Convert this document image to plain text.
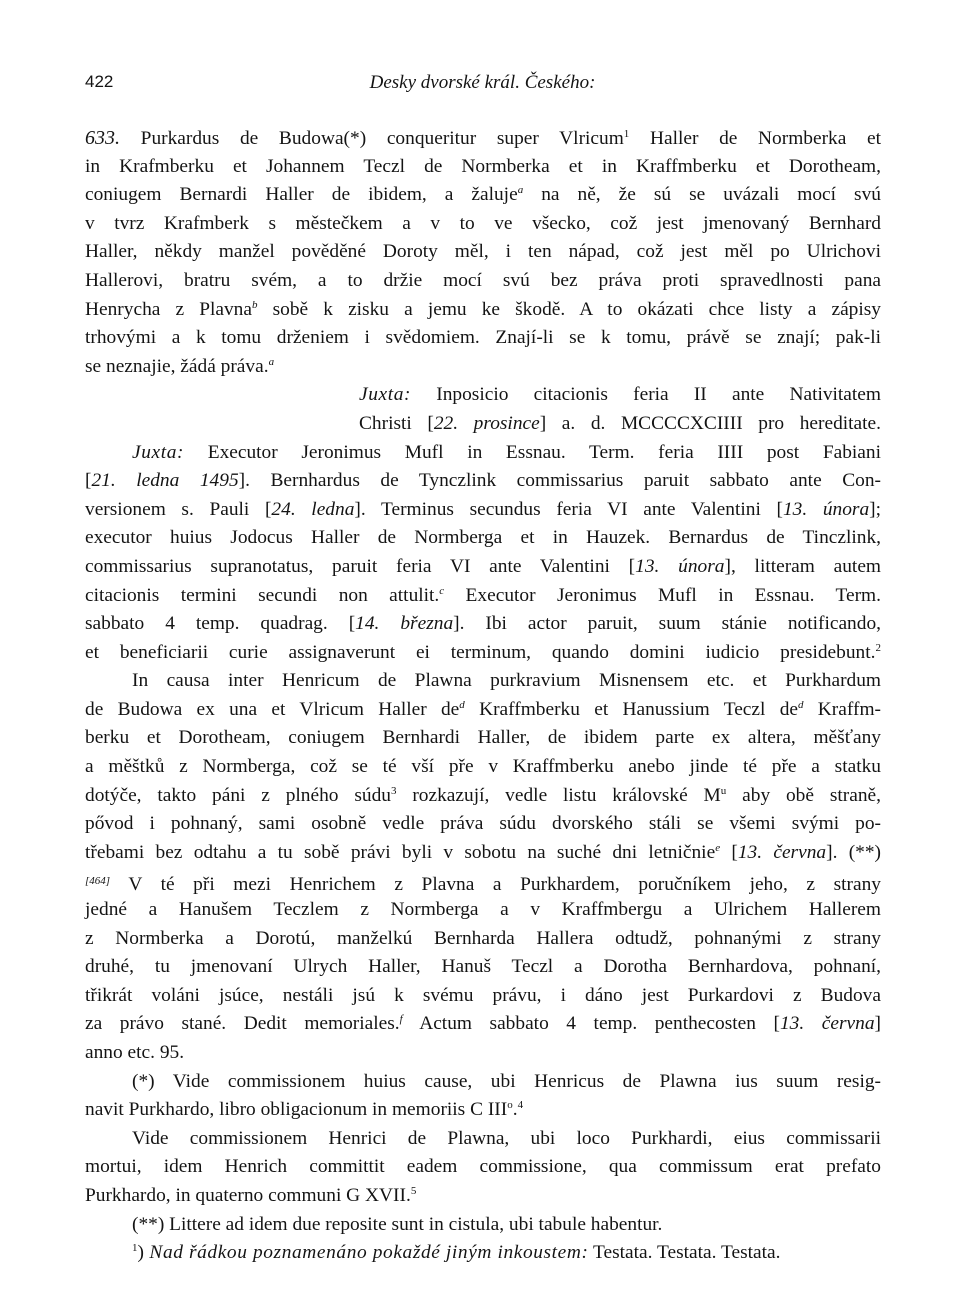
422	Desky dvorské král. Českého:
633. Purkardus de Budowa(*) conqueritur super Vlricum$^1$ Haller de Normberka et
in Krafmberku et Johannem Teczl de Normberka et in Kraffmberku et Dorotheam,
coniugem Bernardi Haller de ibidem, a žaluje$^a$ na ně, že sú se uvázali mocí svú
v tvrz Krafmberk s městečkem a v to ve všecko, což jest jmenovaný Bernhard
Haller, někdy manžel pověděné Doroty měl, i ten nápad, což jest měl po Ulrichovi
Hallerovi, bratru svém, a to držie mocí svú bez práva proti spravedlnosti pana
Henrycha z Plavna$^b$ sobě k zisku a jemu ke škodě. A to okázati chce listy a zápisy
trhovými a k tomu drženiem i svědomiem. Znají-li se k tomu, právě se znají; pak-li
se neznajie, žádá práva.$^a$
Juxta: Inposicio citacionis feria II ante Nativitatem
Christi [22. prosince] a. d. MCCCCXCIIII pro hereditate.
Juxta: Executor Jeronimus Mufl in Essnau. Term. feria IIII post Fabiani
[21. ledna 1495]. Bernhardus de Tynczlink commissarius paruit sabbato ante Con-
versionem s. Pauli [24. ledna]. Terminus secundus feria VI ante Valentini [13. února];
executor huius Jodocus Haller de Normberga et in Hauzek. Bernardus de Tinczlink,
commissarius supranotatus, paruit feria VI ante Valentini [13. února], litteram autem
citacionis termini secundi non attulit.$^c$ Executor Jeronimus Mufl in Essnau. Term.
sabbato 4 temp. quadrag. [14. března]. Ibi actor paruit, suum stánie notificando,
et beneficiarii curie assignaverunt ei terminum, quando domini iudicio presidebunt.$^2$
In causa inter Henricum de Plawna purkravium Misnensem etc. et Purkhardum
de Budowa ex una et Vlricum Haller $de^d$ Kraffmberku et Hanussium Teczl $de^d$ Kraffm-
berku et Dorotheam, coniugem Bernhardi Haller, de ibidem parte ex altera, měšťany
a měštků z Normberga, což se té vší pře v Kraffmberku anebo jinde té pře a statku
dotýče, takto páni z plného súdu$^3$ rozkazují, vedle listu královské $M^u$ aby obě straně,
pővod i pohnaný, sami osobně vedle práva súdu dvorského stáli se všemi svými po-
třebami bez odtahu a tu sobě právi byli v sobotu na suché dni letničnie$^e$ [13. června]. (**)
[464] V té při mezi Henrichem z Plavna a Purkhardem, poručníkem jeho, z strany
jedné a Hanušem Teczlem z Normberga a v Kraffmbergu a Ulrichem Hallerem
z Normberka a Dorotú, manželkú Bernharda Hallera odtudž, pohnanými z strany
druhé, tu jmenovaní Ulrych Haller, Hanuš Teczl a Dorotha Bernhardova, pohnaní,
třikrát voláni jsúce, nestáli jsú k svému právu, i dáno jest Purkardovi z Budova
za právo stané. Dedit memoriales.$^f$ Actum sabbato 4 temp. penthecosten [13. června]
anno etc. 95.
(*) Vide commissionem huius cause, ubi Henricus de Plawna ius suum resig-
navit Purkhardo, libro obligacionum in memoriis C III$^o$.$^4$
Vide commissionem Henrici de Plawna, ubi loco Purkhardi, eius commissarii
mortui, idem Henrich committit eadem commissione, qua commissum erat prefato
Purkhardo, in quaterno communi G XVII.$^5$
(**) Littere ad idem due reposite sunt in cistula, ubi tabule habentur.
$^1$) Nad řádkou poznamenáno pokaždé jiným inkoustem: Testata. Testata. Testata.
